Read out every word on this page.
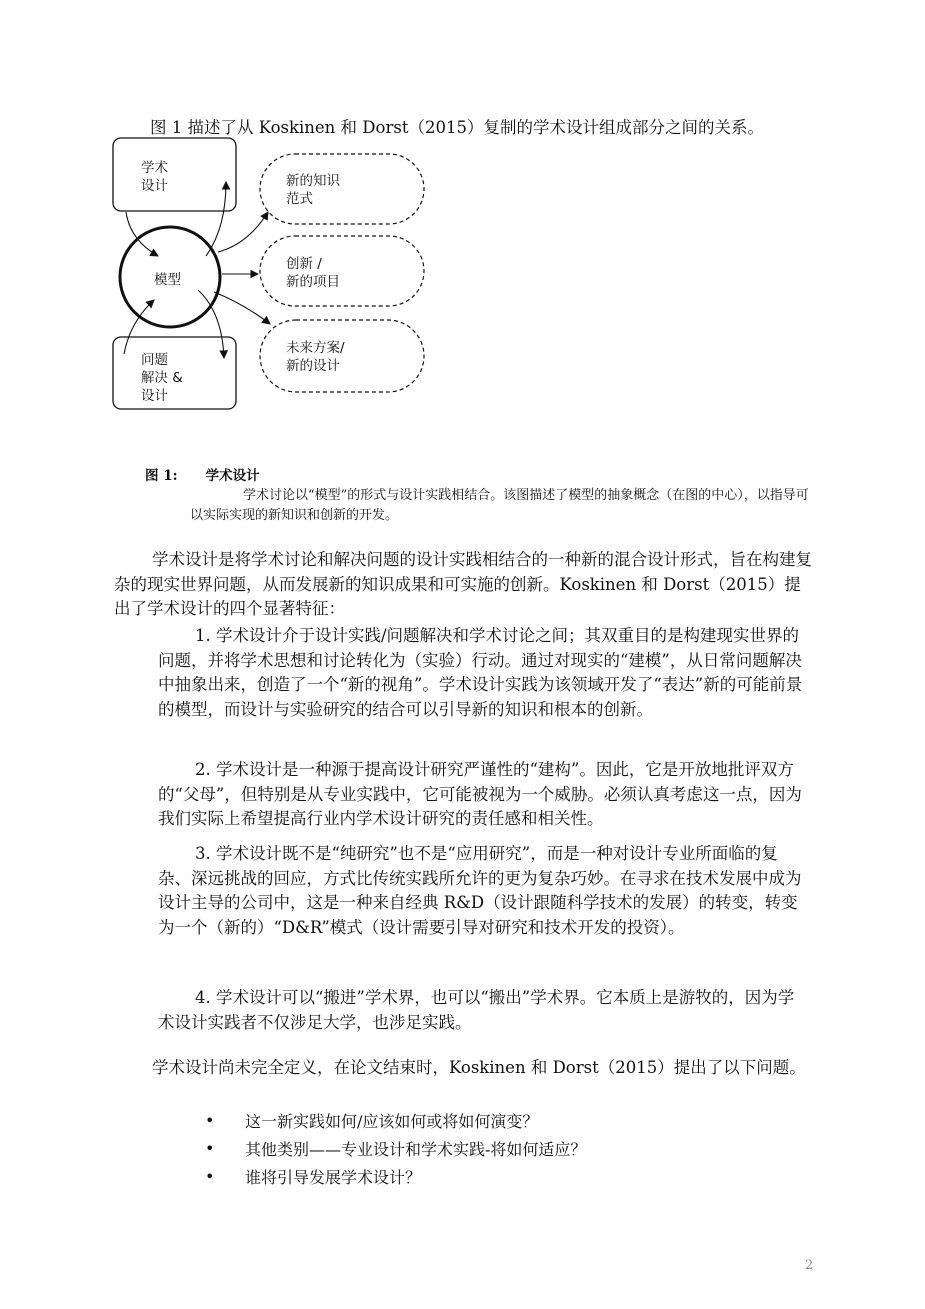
图 1 描述了从 Koskinen 和 Dorst（2015）复制的学术设计组成部分之间的关系。
学术
设计
问题
解决 &
设计
模型
新的知识
范式
创新 /
新的项目
未来方案/
新的设计
图 1: 学术设计
学术讨论以“模型”的形式与设计实践相结合。该图描述了模型的抽象概念（在图的中心），以指导可以实际实现的新知识和创新的开发。
学术设计是将学术讨论和解决问题的设计实践相结合的一种新的混合设计形式，旨在构建复杂的现实世界问题，从而发展新的知识成果和可实施的创新。Koskinen 和 Dorst（2015）提出了学术设计的四个显著特征：
1. 学术设计介于设计实践/问题解决和学术讨论之间；其双重目的是构建现实世界的问题，并将学术思想和讨论转化为（实验）行动。通过对现实的“建模”，从日常问题解决中抽象出来，创造了一个“新的视角”。学术设计实践为该领域开发了“表达”新的可能前景的模型，而设计与实验研究的结合可以引导新的知识和根本的创新。
2. 学术设计是一种源于提高设计研究严谨性的“建构”。因此，它是开放地批评双方的“父母”，但特别是从专业实践中，它可能被视为一个威胁。必须认真考虑这一点，因为我们实际上希望提高行业内学术设计研究的责任感和相关性。
3. 学术设计既不是“纯研究”也不是“应用研究”，而是一种对设计专业所面临的复杂、深远挑战的回应，方式比传统实践所允许的更为复杂巧妙。在寻求在技术发展中成为设计主导的公司中，这是一种来自经典 R&D（设计跟随科学技术的发展）的转变，转变为一个（新的）“D&R”模式（设计需要引导对研究和技术开发的投资）。
4. 学术设计可以“搬进”学术界，也可以“搬出”学术界。它本质上是游牧的，因为学术设计实践者不仅涉足大学，也涉足实践。
学术设计尚未完全定义，在论文结束时，Koskinen 和 Dorst（2015）提出了以下问题。
•	这一新实践如何/应该如何或将如何演变？
•	其他类别——专业设计和学术实践-将如何适应？
•	谁将引导发展学术设计？
2
